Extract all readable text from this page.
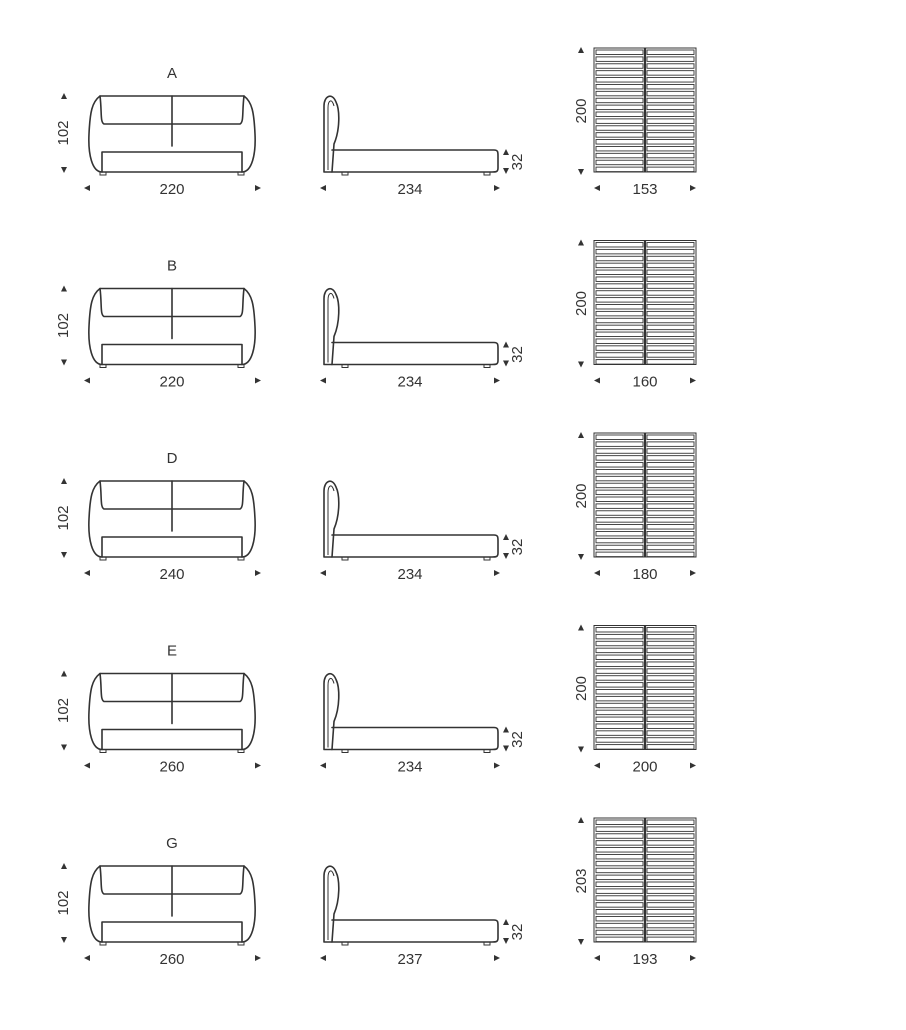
A
102
220
32
234
200
153
B
102
220
32
234
200
160
D
102
240
32
234
200
180
E
102
260
32
234
200
200
G
102
260
32
237
203
193
